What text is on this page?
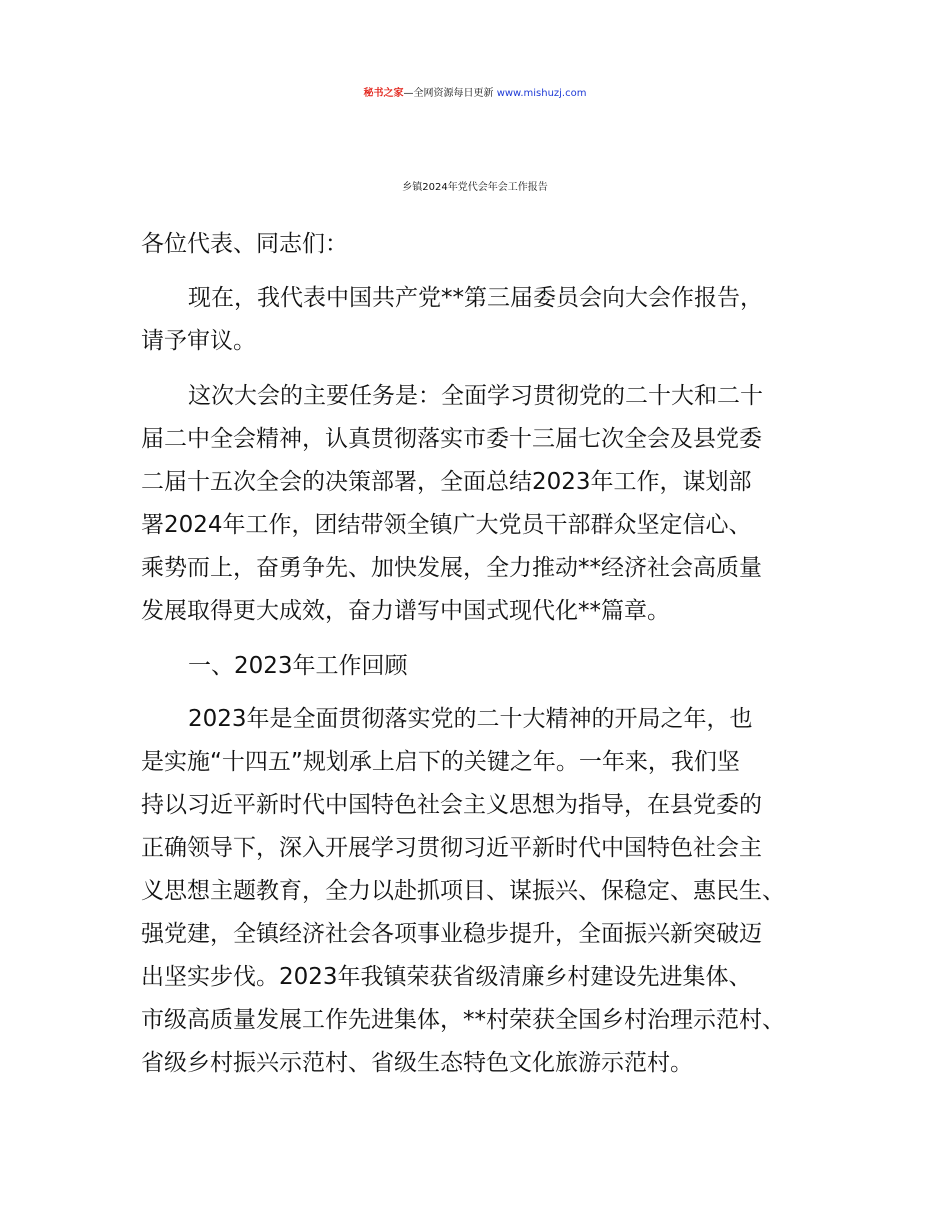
秘书之家—全网资源每日更新 www.mishuzj.com
乡镇2024年党代会年会工作报告
各位代表、同志们：
现在，我代表中国共产党**第三届委员会向大会作报告，
请予审议。
这次大会的主要任务是：全面学习贯彻党的二十大和二十
届二中全会精神，认真贯彻落实市委十三届七次全会及县党委
二届十五次全会的决策部署，全面总结2023年工作，谋划部
署2024年工作，团结带领全镇广大党员干部群众坚定信心、
乘势而上，奋勇争先、加快发展，全力推动**经济社会高质量
发展取得更大成效，奋力谱写中国式现代化**篇章。
一、2023年工作回顾
2023年是全面贯彻落实党的二十大精神的开局之年，也
是实施“十四五”规划承上启下的关键之年。一年来，我们坚
持以习近平新时代中国特色社会主义思想为指导，在县党委的
正确领导下，深入开展学习贯彻习近平新时代中国特色社会主
义思想主题教育，全力以赴抓项目、谋振兴、保稳定、惠民生、
强党建，全镇经济社会各项事业稳步提升，全面振兴新突破迈
出坚实步伐。2023年我镇荣获省级清廉乡村建设先进集体、
市级高质量发展工作先进集体，**村荣获全国乡村治理示范村、
省级乡村振兴示范村、省级生态特色文化旅游示范村。
